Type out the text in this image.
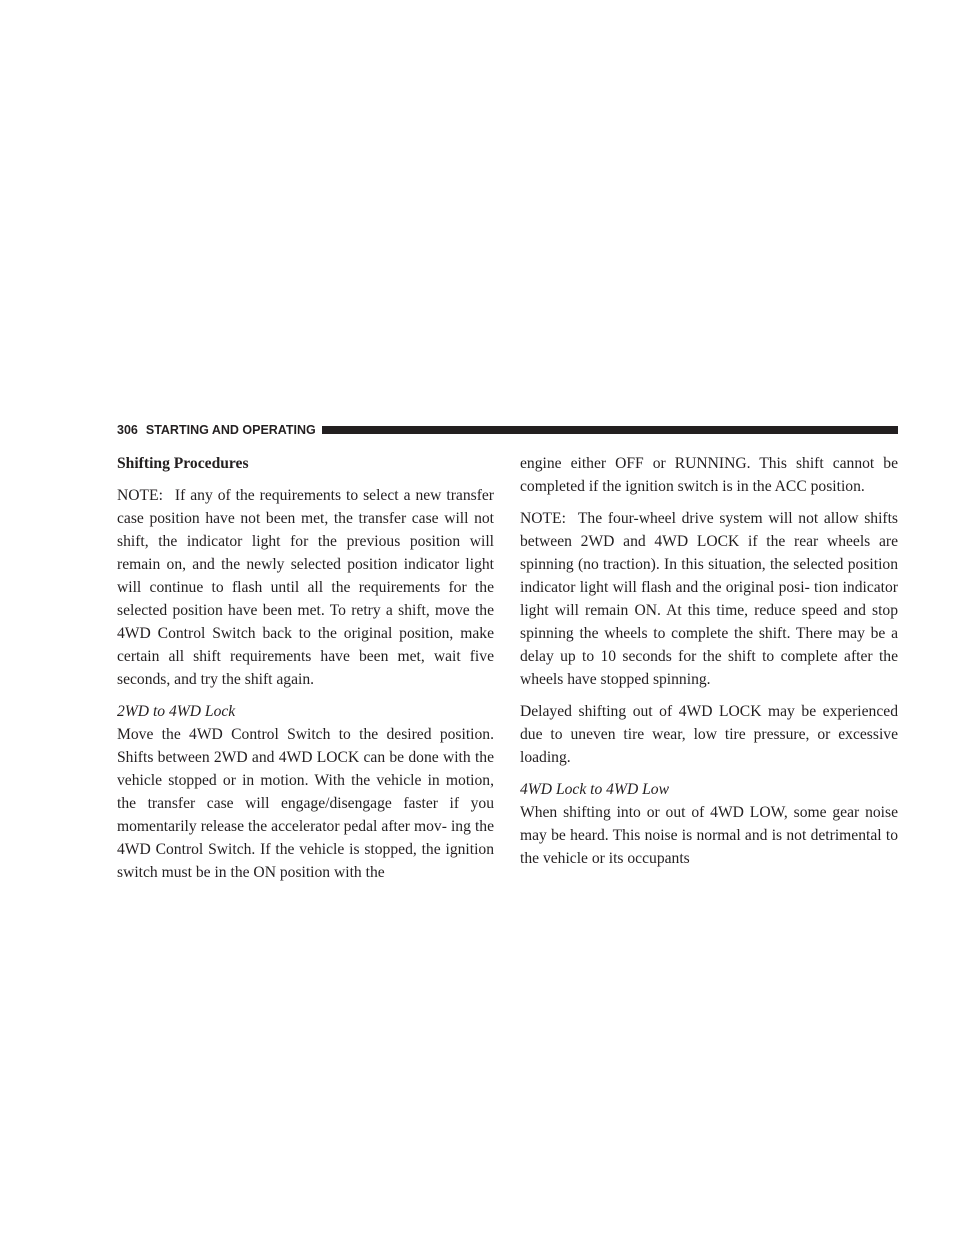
306 STARTING AND OPERATING
Shifting Procedures

NOTE: If any of the requirements to select a new transfer case position have not been met, the transfer case will not shift, the indicator light for the previous position will remain on, and the newly selected position indicator light will continue to flash until all the requirements for the selected position have been met. To retry a shift, move the 4WD Control Switch back to the original position, make certain all shift requirements have been met, wait five seconds, and try the shift again.

2WD to 4WD Lock

Move the 4WD Control Switch to the desired position. Shifts between 2WD and 4WD LOCK can be done with the vehicle stopped or in motion. With the vehicle in motion, the transfer case will engage/disengage faster if you momentarily release the accelerator pedal after mov- ing the 4WD Control Switch. If the vehicle is stopped, the ignition switch must be in the ON position with the

engine either OFF or RUNNING. This shift cannot be completed if the ignition switch is in the ACC position.

NOTE: The four-wheel drive system will not allow shifts between 2WD and 4WD LOCK if the rear wheels are spinning (no traction). In this situation, the selected position indicator light will flash and the original posi- tion indicator light will remain ON. At this time, reduce speed and stop spinning the wheels to complete the shift. There may be a delay up to 10 seconds for the shift to complete after the wheels have stopped spinning.

Delayed shifting out of 4WD LOCK may be experienced due to uneven tire wear, low tire pressure, or excessive loading.

4WD Lock to 4WD Low

When shifting into or out of 4WD LOW, some gear noise may be heard. This noise is normal and is not detrimental to the vehicle or its occupants
